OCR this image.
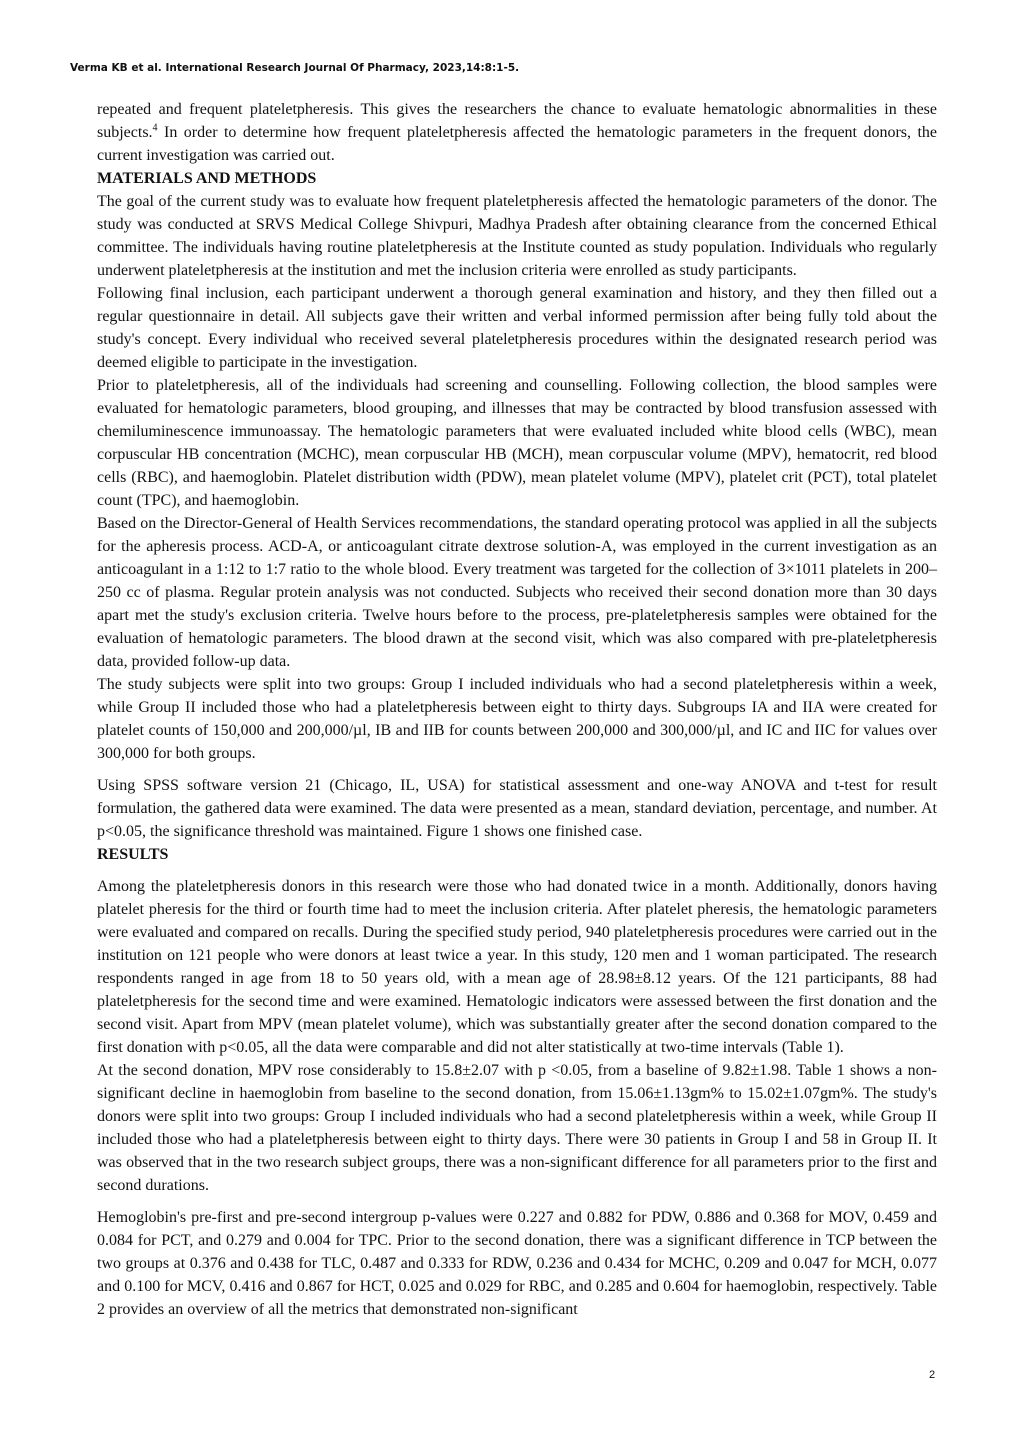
Verma KB et al. International Research Journal Of Pharmacy, 2023,14:8:1-5.

repeated and frequent plateletpheresis. This gives the researchers the chance to evaluate hematologic abnormalities in these subjects.$^4$ In order to determine how frequent plateletpheresis affected the hematologic parameters in the frequent donors, the current investigation was carried out.

MATERIALS AND METHODS

The goal of the current study was to evaluate how frequent plateletpheresis affected the hematologic parameters of the donor. The study was conducted at SRVS Medical College Shivpuri, Madhya Pradesh after obtaining clearance from the concerned Ethical committee. The individuals having routine plateletpheresis at the Institute counted as study population. Individuals who regularly underwent plateletpheresis at the institution and met the inclusion criteria were enrolled as study participants.

Following final inclusion, each participant underwent a thorough general examination and history, and they then filled out a regular questionnaire in detail. All subjects gave their written and verbal informed permission after being fully told about the study's concept. Every individual who received several plateletpheresis procedures within the designated research period was deemed eligible to participate in the investigation.

Prior to plateletpheresis, all of the individuals had screening and counselling. Following collection, the blood samples were evaluated for hematologic parameters, blood grouping, and illnesses that may be contracted by blood transfusion assessed with chemiluminescence immunoassay. The hematologic parameters that were evaluated included white blood cells (WBC), mean corpuscular HB concentration (MCHC), mean corpuscular HB (MCH), mean corpuscular volume (MPV), hematocrit, red blood cells (RBC), and haemoglobin. Platelet distribution width (PDW), mean platelet volume (MPV), platelet crit (PCT), total platelet count (TPC), and haemoglobin.

Based on the Director-General of Health Services recommendations, the standard operating protocol was applied in all the subjects for the apheresis process. ACD-A, or anticoagulant citrate dextrose solution-A, was employed in the current investigation as an anticoagulant in a 1:12 to 1:7 ratio to the whole blood. Every treatment was targeted for the collection of 3×1011 platelets in 200–250 cc of plasma. Regular protein analysis was not conducted. Subjects who received their second donation more than 30 days apart met the study's exclusion criteria. Twelve hours before to the process, pre-plateletpheresis samples were obtained for the evaluation of hematologic parameters. The blood drawn at the second visit, which was also compared with pre-plateletpheresis data, provided follow-up data.

The study subjects were split into two groups: Group I included individuals who had a second plateletpheresis within a week, while Group II included those who had a plateletpheresis between eight to thirty days. Subgroups IA and IIA were created for platelet counts of 150,000 and 200,000/µl, IB and IIB for counts between 200,000 and 300,000/µl, and IC and IIC for values over 300,000 for both groups.

Using SPSS software version 21 (Chicago, IL, USA) for statistical assessment and one-way ANOVA and t-test for result formulation, the gathered data were examined. The data were presented as a mean, standard deviation, percentage, and number. At p<0.05, the significance threshold was maintained. Figure 1 shows one finished case.

RESULTS

Among the plateletpheresis donors in this research were those who had donated twice in a month. Additionally, donors having platelet pheresis for the third or fourth time had to meet the inclusion criteria. After platelet pheresis, the hematologic parameters were evaluated and compared on recalls. During the specified study period, 940 plateletpheresis procedures were carried out in the institution on 121 people who were donors at least twice a year. In this study, 120 men and 1 woman participated. The research respondents ranged in age from 18 to 50 years old, with a mean age of 28.98±8.12 years. Of the 121 participants, 88 had plateletpheresis for the second time and were examined. Hematologic indicators were assessed between the first donation and the second visit. Apart from MPV (mean platelet volume), which was substantially greater after the second donation compared to the first donation with p<0.05, all the data were comparable and did not alter statistically at two-time intervals (Table 1).

At the second donation, MPV rose considerably to 15.8±2.07 with p <0.05, from a baseline of 9.82±1.98. Table 1 shows a non-significant decline in haemoglobin from baseline to the second donation, from 15.06±1.13gm% to 15.02±1.07gm%. The study's donors were split into two groups: Group I included individuals who had a second plateletpheresis within a week, while Group II included those who had a plateletpheresis between eight to thirty days. There were 30 patients in Group I and 58 in Group II. It was observed that in the two research subject groups, there was a non-significant difference for all parameters prior to the first and second durations.

Hemoglobin's pre-first and pre-second intergroup p-values were 0.227 and 0.882 for PDW, 0.886 and 0.368 for MOV, 0.459 and 0.084 for PCT, and 0.279 and 0.004 for TPC. Prior to the second donation, there was a significant difference in TCP between the two groups at 0.376 and 0.438 for TLC, 0.487 and 0.333 for RDW, 0.236 and 0.434 for MCHC, 0.209 and 0.047 for MCH, 0.077 and 0.100 for MCV, 0.416 and 0.867 for HCT, 0.025 and 0.029 for RBC, and 0.285 and 0.604 for haemoglobin, respectively. Table 2 provides an overview of all the metrics that demonstrated non-significant

2
